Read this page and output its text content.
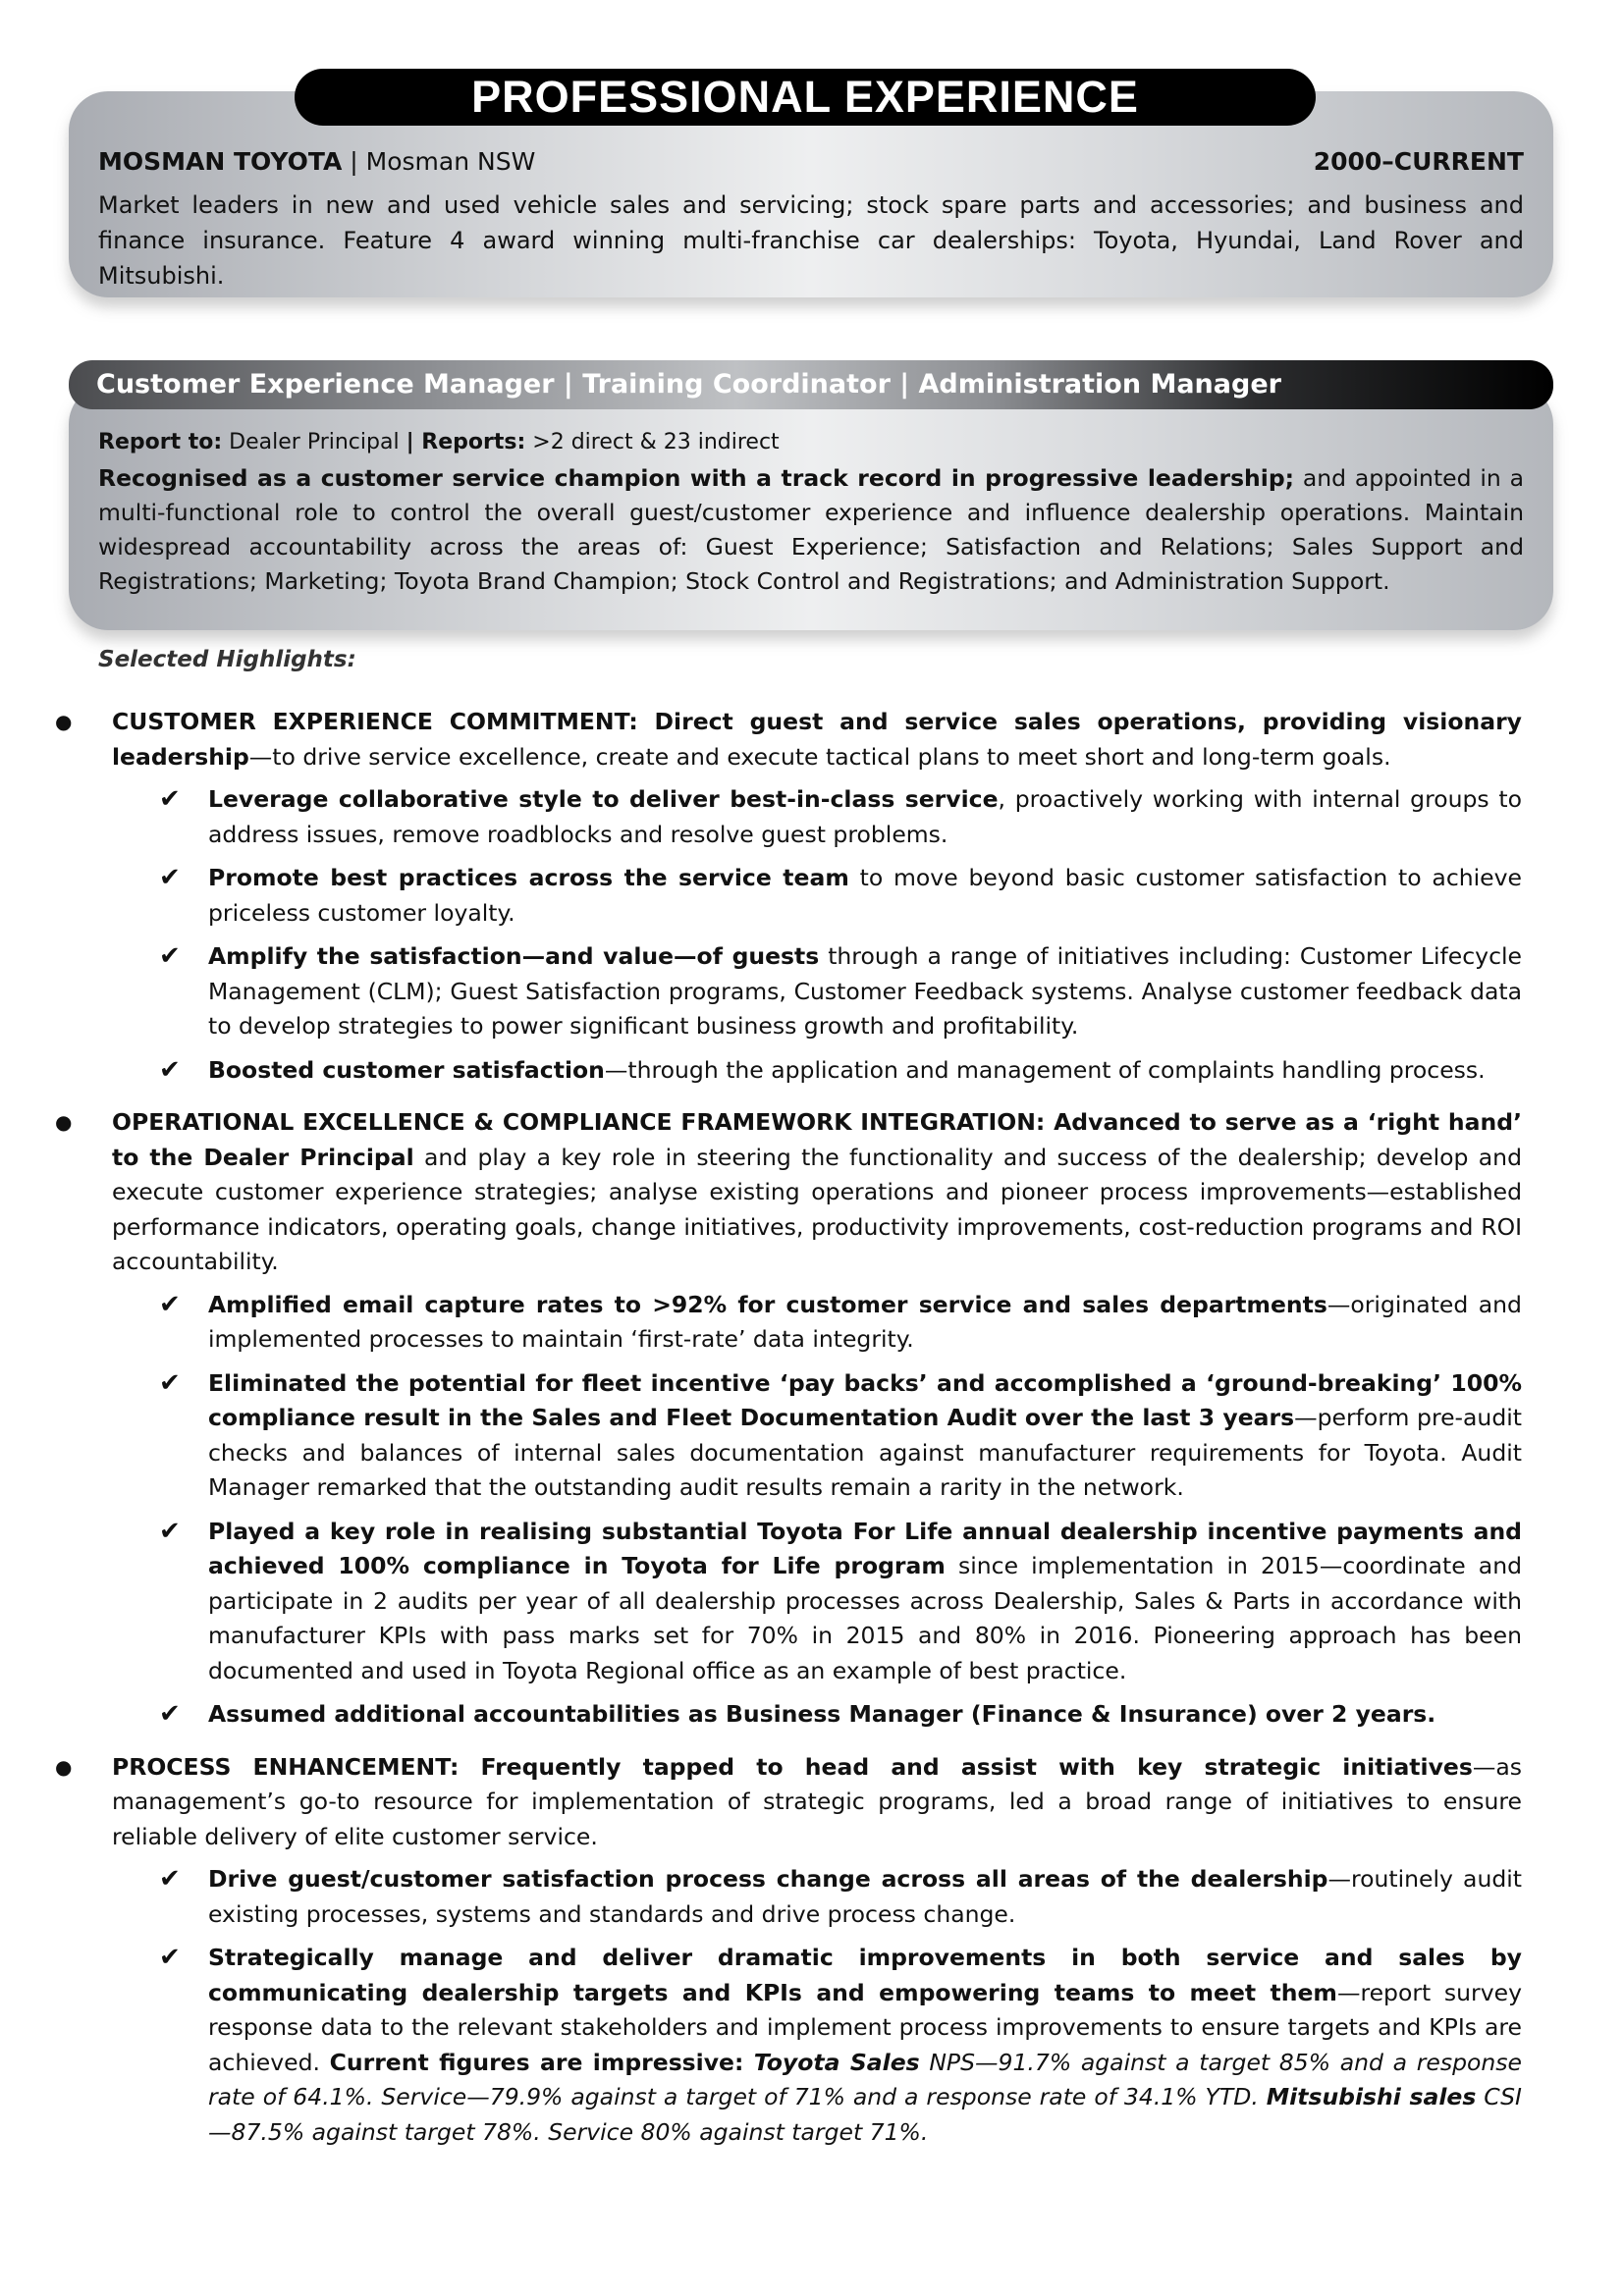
PROFESSIONAL EXPERIENCE
MOSMAN TOYOTA | Mosman NSW	2000–CURRENT
Market leaders in new and used vehicle sales and servicing; stock spare parts and accessories; and business and finance insurance. Feature 4 award winning multi-franchise car dealerships: Toyota, Hyundai, Land Rover and Mitsubishi.
Customer Experience Manager | Training Coordinator | Administration Manager
Report to: Dealer Principal | Reports: >2 direct & 23 indirect
Recognised as a customer service champion with a track record in progressive leadership; and appointed in a multi-functional role to control the overall guest/customer experience and influence dealership operations. Maintain widespread accountability across the areas of: Guest Experience; Satisfaction and Relations; Sales Support and Registrations; Marketing; Toyota Brand Champion; Stock Control and Registrations; and Administration Support.
Selected Highlights:
● CUSTOMER EXPERIENCE COMMITMENT: Direct guest and service sales operations, providing visionary leadership—to drive service excellence, create and execute tactical plans to meet short and long-term goals.
✔ Leverage collaborative style to deliver best-in-class service, proactively working with internal groups to address issues, remove roadblocks and resolve guest problems.
✔ Promote best practices across the service team to move beyond basic customer satisfaction to achieve priceless customer loyalty.
✔ Amplify the satisfaction—and value—of guests through a range of initiatives including: Customer Lifecycle Management (CLM); Guest Satisfaction programs, Customer Feedback systems. Analyse customer feedback data to develop strategies to power significant business growth and profitability.
✔ Boosted customer satisfaction—through the application and management of complaints handling process.
● OPERATIONAL EXCELLENCE & COMPLIANCE FRAMEWORK INTEGRATION: Advanced to serve as a ‘right hand’ to the Dealer Principal and play a key role in steering the functionality and success of the dealership; develop and execute customer experience strategies; analyse existing operations and pioneer process improvements—established performance indicators, operating goals, change initiatives, productivity improvements, cost-reduction programs and ROI accountability.
✔ Amplified email capture rates to >92% for customer service and sales departments—originated and implemented processes to maintain ‘first-rate’ data integrity.
✔ Eliminated the potential for fleet incentive ‘pay backs’ and accomplished a ‘ground-breaking’ 100% compliance result in the Sales and Fleet Documentation Audit over the last 3 years—perform pre-audit checks and balances of internal sales documentation against manufacturer requirements for Toyota. Audit Manager remarked that the outstanding audit results remain a rarity in the network.
✔ Played a key role in realising substantial Toyota For Life annual dealership incentive payments and achieved 100% compliance in Toyota for Life program since implementation in 2015—coordinate and participate in 2 audits per year of all dealership processes across Dealership, Sales & Parts in accordance with manufacturer KPIs with pass marks set for 70% in 2015 and 80% in 2016. Pioneering approach has been documented and used in Toyota Regional office as an example of best practice.
✔ Assumed additional accountabilities as Business Manager (Finance & Insurance) over 2 years.
● PROCESS ENHANCEMENT: Frequently tapped to head and assist with key strategic initiatives—as management’s go-to resource for implementation of strategic programs, led a broad range of initiatives to ensure reliable delivery of elite customer service.
✔ Drive guest/customer satisfaction process change across all areas of the dealership—routinely audit existing processes, systems and standards and drive process change.
✔ Strategically manage and deliver dramatic improvements in both service and sales by communicating dealership targets and KPIs and empowering teams to meet them—report survey response data to the relevant stakeholders and implement process improvements to ensure targets and KPIs are achieved. Current figures are impressive: Toyota Sales NPS—91.7% against a target 85% and a response rate of 64.1%. Service—79.9% against a target of 71% and a response rate of 34.1% YTD. Mitsubishi sales CSI—87.5% against target 78%. Service 80% against target 71%.
